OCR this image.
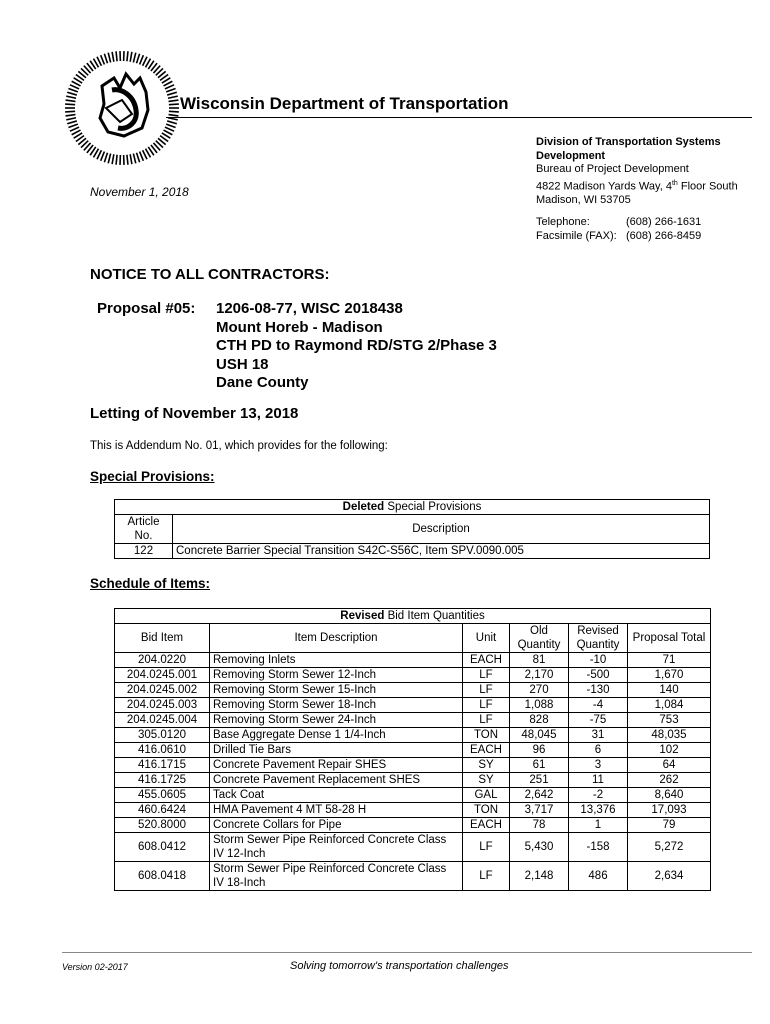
Wisconsin Department of Transportation
November 1, 2018
Division of Transportation Systems
Development
Bureau of Project Development
4822 Madison Yards Way, 4th Floor South
Madison, WI 53705
Telephone:	(608) 266-1631
Facsimile (FAX): (608) 266-8459
NOTICE TO ALL CONTRACTORS:
Proposal #05: 1206-08-77, WISC 2018438
Mount Horeb - Madison
CTH PD to Raymond RD/STG 2/Phase 3
USH 18
Dane County
Letting of November 13, 2018
This is Addendum No. 01, which provides for the following:
Special Provisions:
Deleted Special Provisions	
Article No.	Description
122	Concrete Barrier Special Transition S42C-S56C, Item SPV.0090.005
Schedule of Items:
Revised Bid Item Quantities					
Bid Item	Item Description	Unit	Old Quantity	Revised Quantity	Proposal Total
204.0220	Removing Inlets	EACH	81	-10	71
204.0245.001	Removing Storm Sewer 12-Inch	LF	2,170	-500	1,670
204.0245.002	Removing Storm Sewer 15-Inch	LF	270	-130	140
204.0245.003	Removing Storm Sewer 18-Inch	LF	1,088	-4	1,084
204.0245.004	Removing Storm Sewer 24-Inch	LF	828	-75	753
305.0120	Base Aggregate Dense 1 1/4-Inch	TON	48,045	31	48,035
416.0610	Drilled Tie Bars	EACH	96	6	102
416.1715	Concrete Pavement Repair SHES	SY	61	3	64
416.1725	Concrete Pavement Replacement SHES	SY	251	11	262
455.0605	Tack Coat	GAL	2,642	-2	8,640
460.6424	HMA Pavement 4 MT 58-28 H	TON	3,717	13,376	17,093
520.8000	Concrete Collars for Pipe	EACH	78	1	79
608.0412	Storm Sewer Pipe Reinforced Concrete Class IV 12-Inch	LF	5,430	-158	5,272
608.0418	Storm Sewer Pipe Reinforced Concrete Class IV 18-Inch	LF	2,148	486	2,634
Version 02-2017	Solving tomorrow's transportation challenges
